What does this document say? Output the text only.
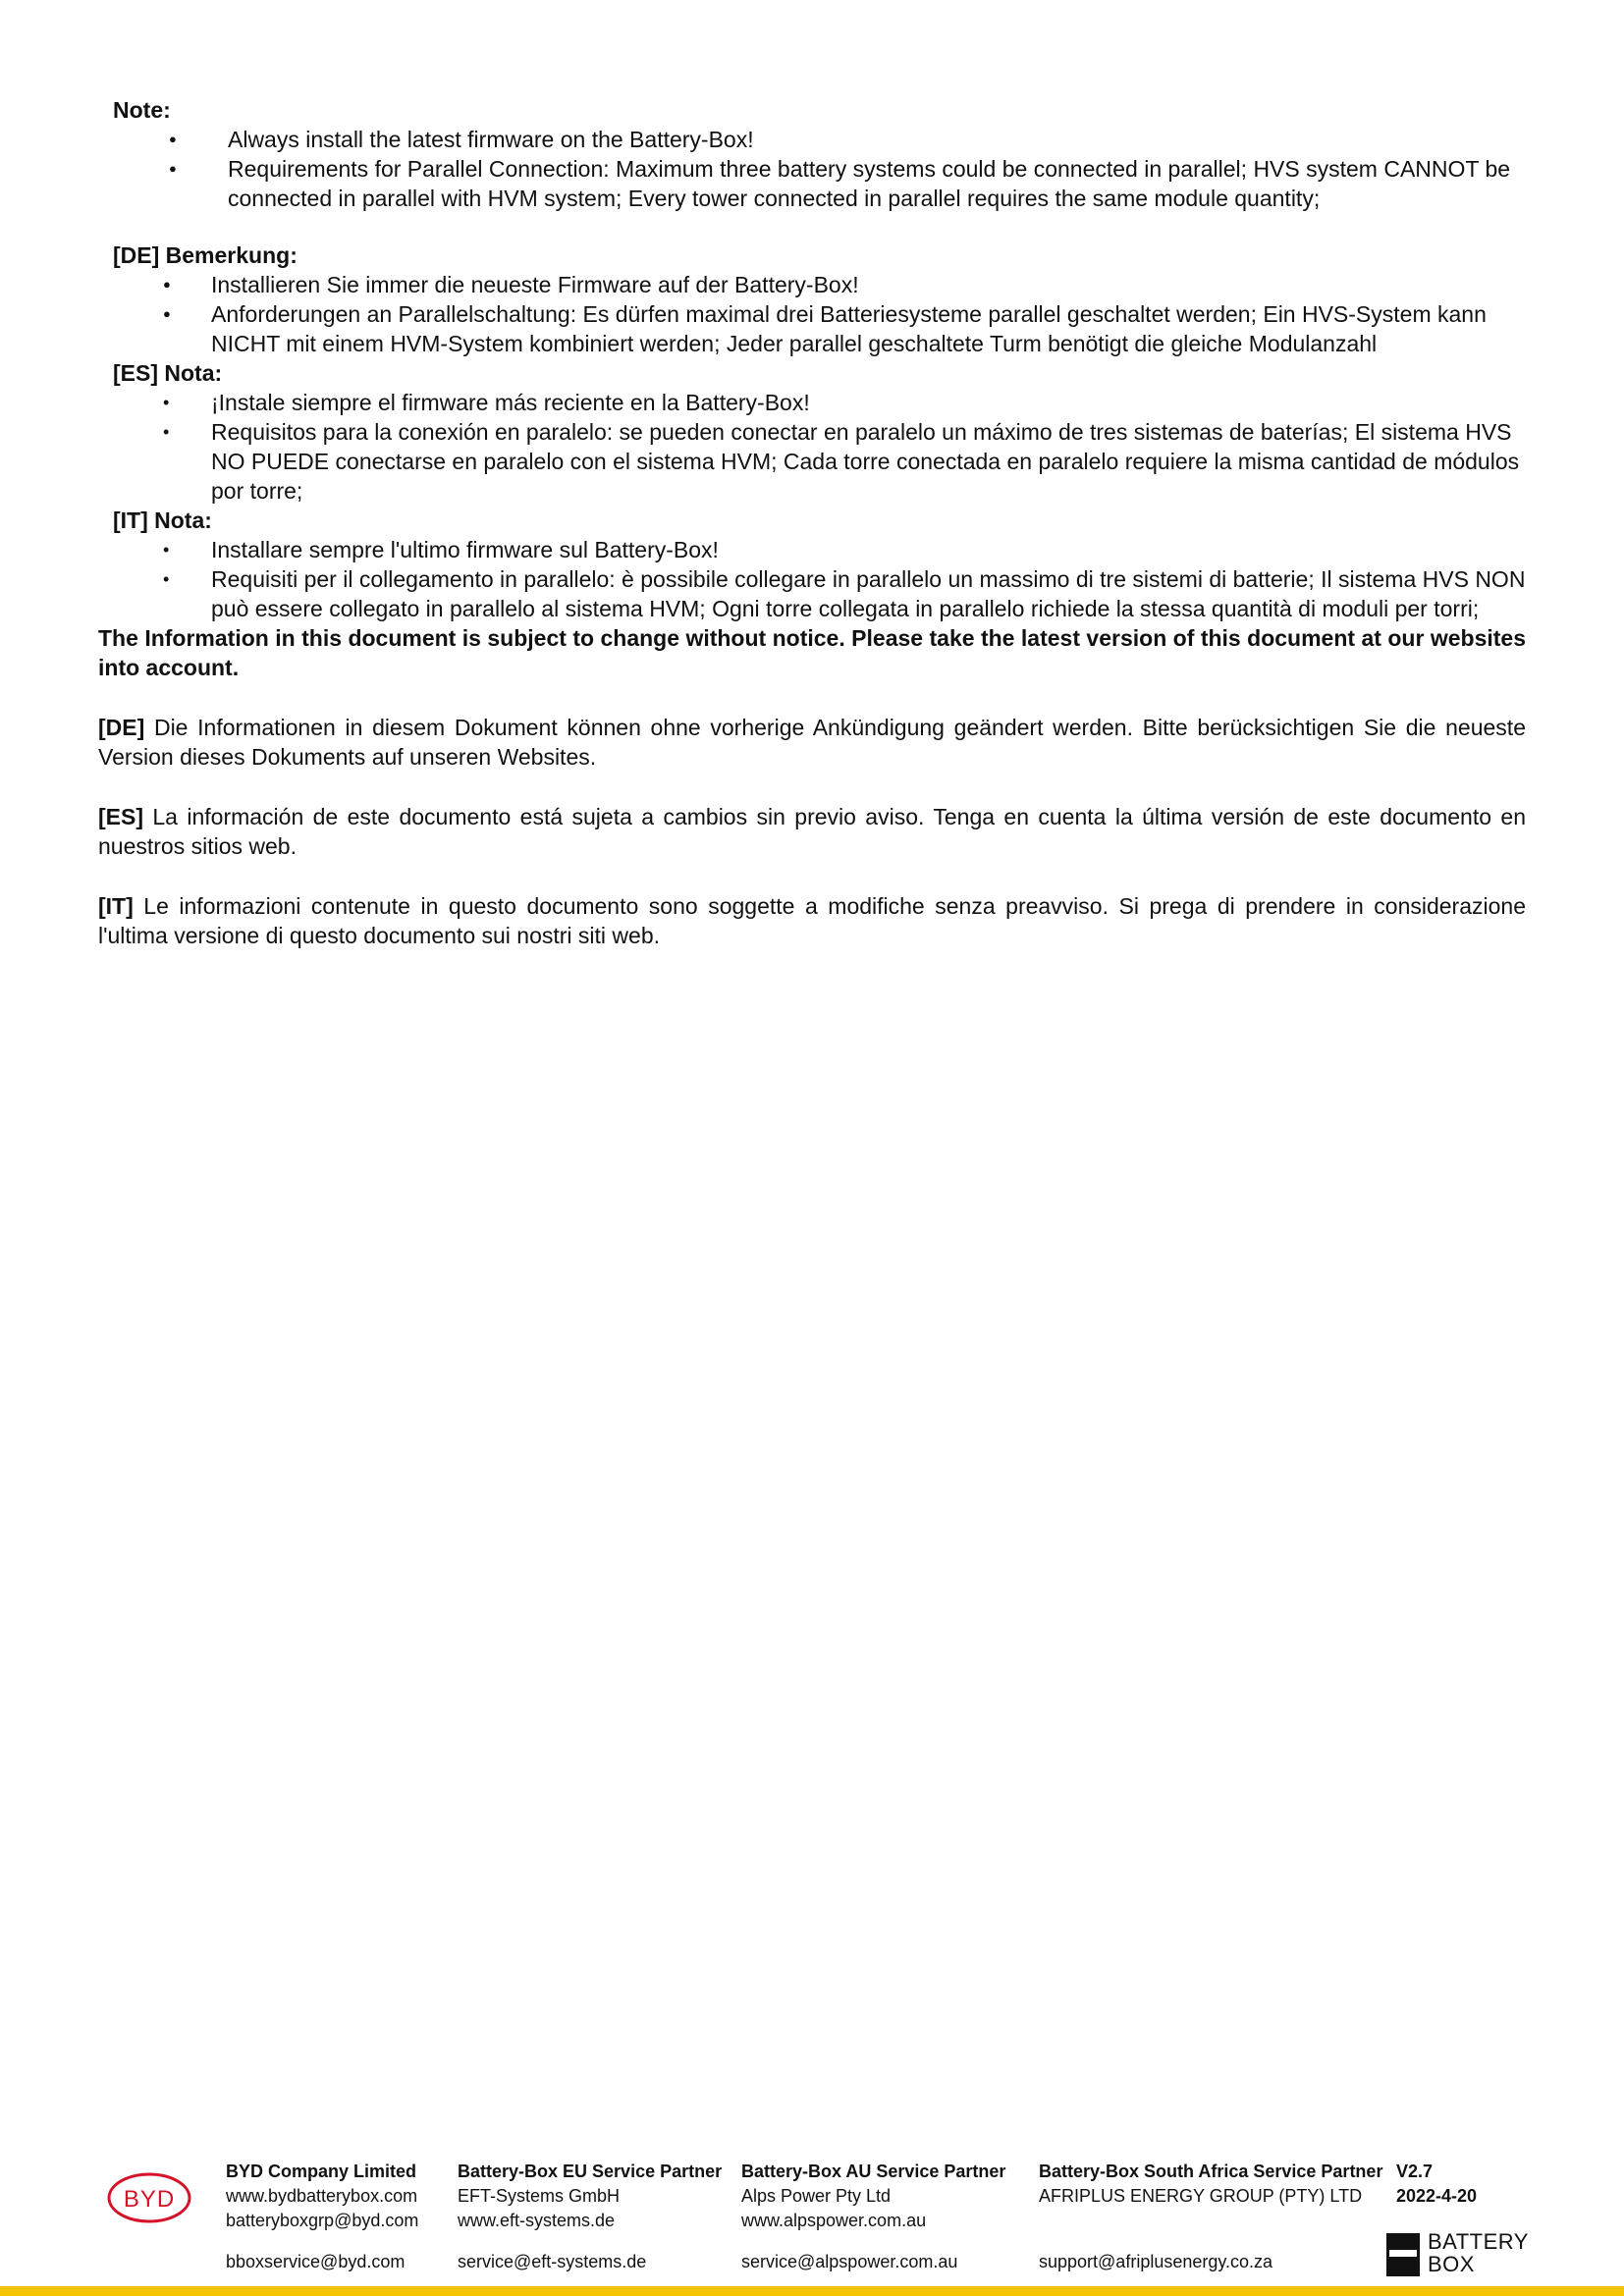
Note:
● Always install the latest firmware on the Battery-Box!
● Requirements for Parallel Connection: Maximum three battery systems could be connected in parallel; HVS system CANNOT be connected in parallel with HVM system; Every tower connected in parallel requires the same module quantity;
[DE] Bemerkung:
● Installieren Sie immer die neueste Firmware auf der Battery-Box!
● Anforderungen an Parallelschaltung: Es dürfen maximal drei Batteriesysteme parallel geschaltet werden; Ein HVS-System kann NICHT mit einem HVM-System kombiniert werden; Jeder parallel geschaltete Turm benötigt die gleiche Modulanzahl
[ES] Nota:
• ¡Instale siempre el firmware más reciente en la Battery-Box!
• Requisitos para la conexión en paralelo: se pueden conectar en paralelo un máximo de tres sistemas de baterías; El sistema HVS NO PUEDE conectarse en paralelo con el sistema HVM; Cada torre conectada en paralelo requiere la misma cantidad de módulos por torre;
[IT] Nota:
• Installare sempre l'ultimo firmware sul Battery-Box!
• Requisiti per il collegamento in parallelo: è possibile collegare in parallelo un massimo di tre sistemi di batterie; Il sistema HVS NON può essere collegato in parallelo al sistema HVM; Ogni torre collegata in parallelo richiede la stessa quantità di moduli per torri;
The Information in this document is subject to change without notice. Please take the latest version of this document at our websites into account.
[DE] Die Informationen in diesem Dokument können ohne vorherige Ankündigung geändert werden. Bitte berücksichtigen Sie die neueste Version dieses Dokuments auf unseren Websites.
[ES] La información de este documento está sujeta a cambios sin previo aviso. Tenga en cuenta la última versión de este documento en nuestros sitios web.
[IT] Le informazioni contenute in questo documento sono soggette a modifiche senza preavviso. Si prega di prendere in considerazione l'ultima versione di questo documento sui nostri siti web.
BYD
BYD Company Limited
www.bydbatterybox.com
batteryboxgrp@byd.com
bboxservice@byd.com
Battery-Box EU Service Partner
EFT-Systems GmbH
www.eft-systems.de
service@eft-systems.de
Battery-Box AU Service Partner
Alps Power Pty Ltd
www.alpspower.com.au
service@alpspower.com.au
Battery-Box South Africa Service Partner
AFRIPLUS ENERGY GROUP (PTY) LTD
support@afriplusenergy.co.za
V2.7
2022-4-20
BATTERY
BOX
